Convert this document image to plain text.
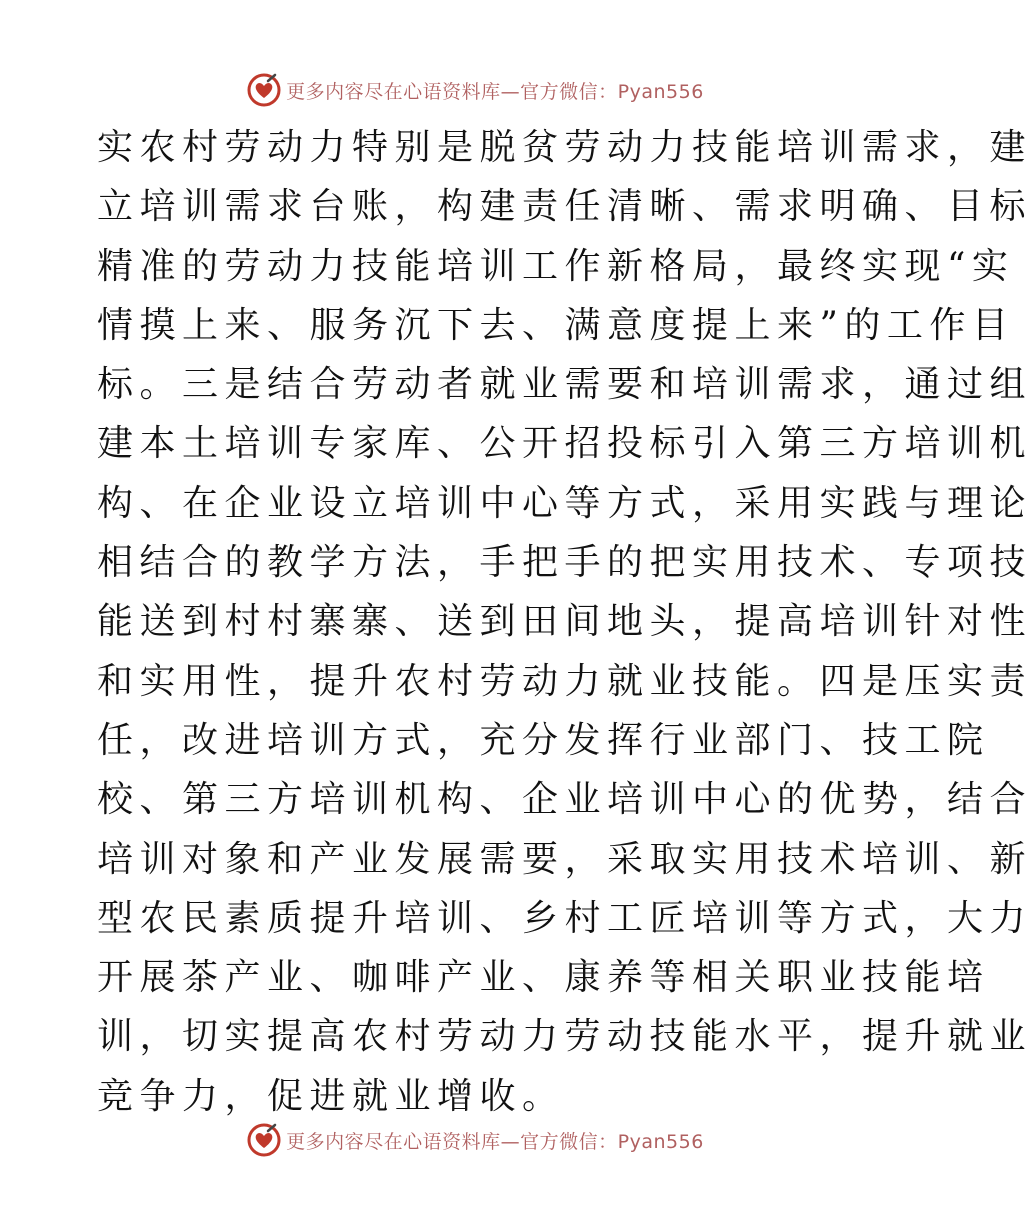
更多内容尽在心语资料库—官方微信：Pyan556
实农村劳动力特别是脱贫劳动力技能培训需求，建
立培训需求台账，构建责任清晰、需求明确、目标
精准的劳动力技能培训工作新格局，最终实现“实
情摸上来、服务沉下去、满意度提上来”的工作目
标。三是结合劳动者就业需要和培训需求，通过组
建本土培训专家库、公开招投标引入第三方培训机
构、在企业设立培训中心等方式，采用实践与理论
相结合的教学方法，手把手的把实用技术、专项技
能送到村村寨寨、送到田间地头，提高培训针对性
和实用性，提升农村劳动力就业技能。四是压实责
任，改进培训方式，充分发挥行业部门、技工院
校、第三方培训机构、企业培训中心的优势，结合
培训对象和产业发展需要，采取实用技术培训、新
型农民素质提升培训、乡村工匠培训等方式，大力
开展茶产业、咖啡产业、康养等相关职业技能培
训，切实提高农村劳动力劳动技能水平，提升就业
竞争力，促进就业增收。
更多内容尽在心语资料库—官方微信：Pyan556
